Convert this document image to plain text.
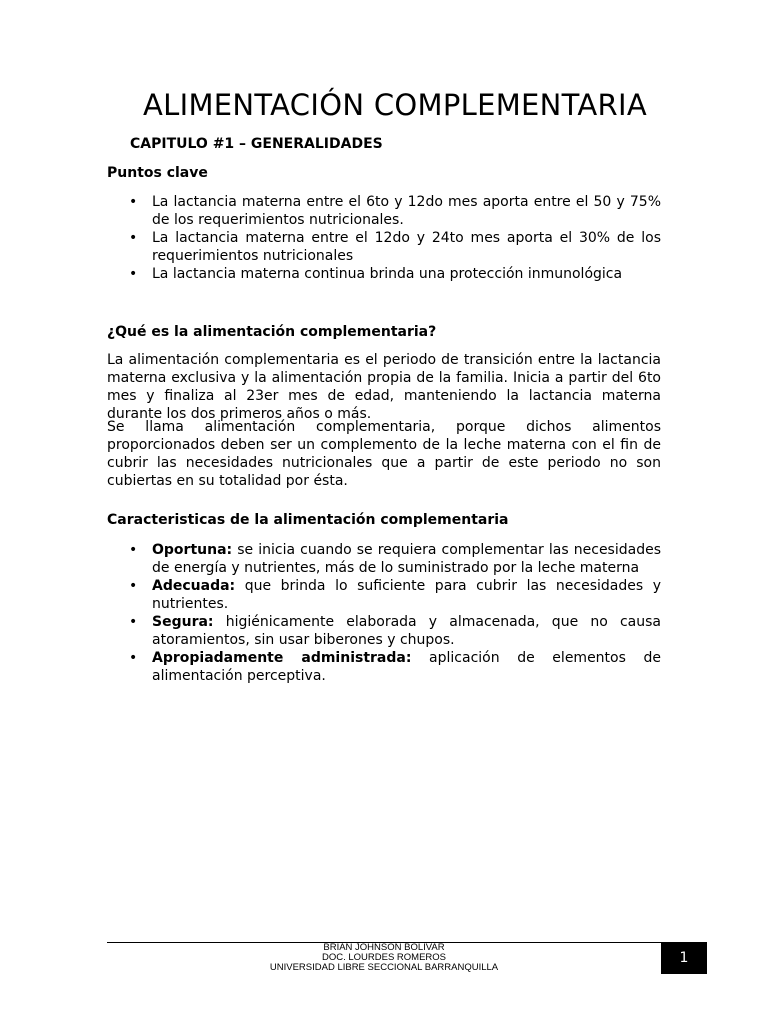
ALIMENTACIÓN COMPLEMENTARIA
CAPITULO #1 – GENERALIDADES
Puntos clave
• La lactancia materna entre el 6to y 12do mes aporta entre el 50 y 75% de los requerimientos nutricionales.
• La lactancia materna entre el 12do y 24to mes aporta el 30% de los requerimientos nutricionales
• La lactancia materna continua brinda una protección inmunológica
¿Qué es la alimentación complementaria?

La alimentación complementaria es el periodo de transición entre la lactancia materna exclusiva y la alimentación propia de la familia. Inicia a partir del 6to mes y finaliza al 23er mes de edad, manteniendo la lactancia materna durante los dos primeros años o más.

Se llama alimentación complementaria, porque dichos alimentos proporcionados deben ser un complemento de la leche materna con el fin de cubrir las necesidades nutricionales que a partir de este periodo no son cubiertas en su totalidad por ésta.

Caracteristicas de la alimentación complementaria
• Oportuna: se inicia cuando se requiera complementar las necesidades de energía y nutrientes, más de lo suministrado por la leche materna
• Adecuada: que brinda lo suficiente para cubrir las necesidades y nutrientes.
• Segura: higiénicamente elaborada y almacenada, que no causa atoramientos, sin usar biberones y chupos.
• Apropiadamente administrada: aplicación de elementos de alimentación perceptiva.
BRIAN JOHNSON BOLÍVAR
DOC. LOURDES ROMEROS
UNIVERSIDAD LIBRE SECCIONAL BARRANQUILLA
1
